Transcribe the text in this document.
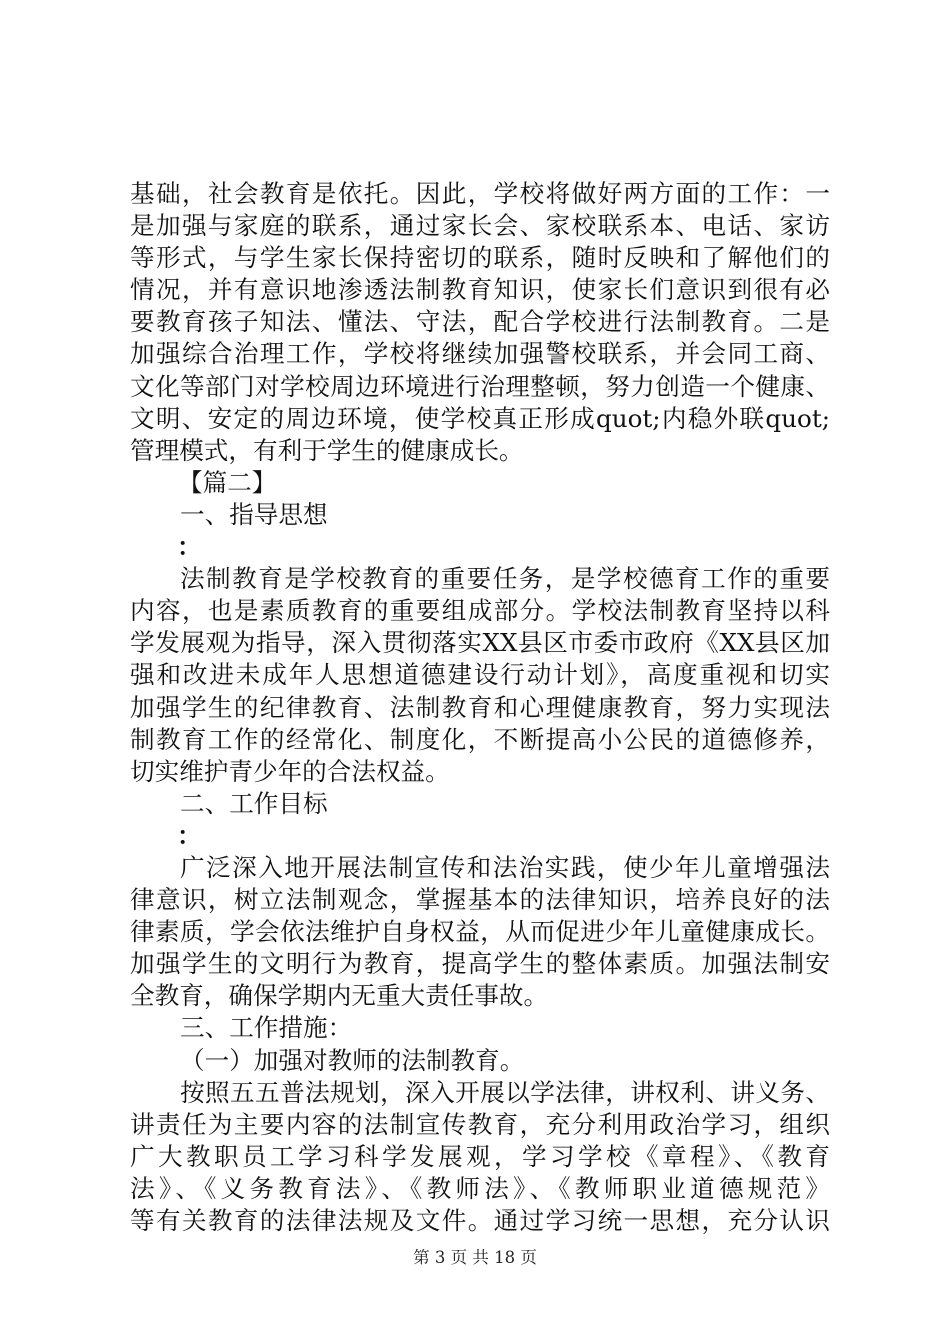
基础，社会教育是依托。因此，学校将做好两方面的工作：一
是加强与家庭的联系，通过家长会、家校联系本、电话、家访
等形式，与学生家长保持密切的联系，随时反映和了解他们的
情况，并有意识地渗透法制教育知识，使家长们意识到很有必
要教育孩子知法、懂法、守法，配合学校进行法制教育。二是
加强综合治理工作，学校将继续加强警校联系，并会同工商、
文化等部门对学校周边环境进行治理整顿，努力创造一个健康、
文明、安定的周边环境，使学校真正形成quot;内稳外联quot;
管理模式，有利于学生的健康成长。
【篇二】
一、指导思想
：
法制教育是学校教育的重要任务，是学校德育工作的重要
内容，也是素质教育的重要组成部分。学校法制教育坚持以科
学发展观为指导，深入贯彻落实XX县区市委市政府《XX县区加
强和改进未成年人思想道德建设行动计划》，高度重视和切实
加强学生的纪律教育、法制教育和心理健康教育，努力实现法
制教育工作的经常化、制度化，不断提高小公民的道德修养，
切实维护青少年的合法权益。
二、工作目标
：
广泛深入地开展法制宣传和法治实践，使少年儿童增强法
律意识，树立法制观念，掌握基本的法律知识，培养良好的法
律素质，学会依法维护自身权益，从而促进少年儿童健康成长。
加强学生的文明行为教育，提高学生的整体素质。加强法制安
全教育，确保学期内无重大责任事故。
三、工作措施：
（一）加强对教师的法制教育。
按照五五普法规划，深入开展以学法律，讲权利、讲义务、
讲责任为主要内容的法制宣传教育，充分利用政治学习，组织
广大教职员工学习科学发展观，学习学校《章程》、《教育
法》、《义务教育法》、《教师法》、《教师职业道德规范》
等有关教育的法律法规及文件。通过学习统一思想，充分认识
第 3 页 共 18 页
